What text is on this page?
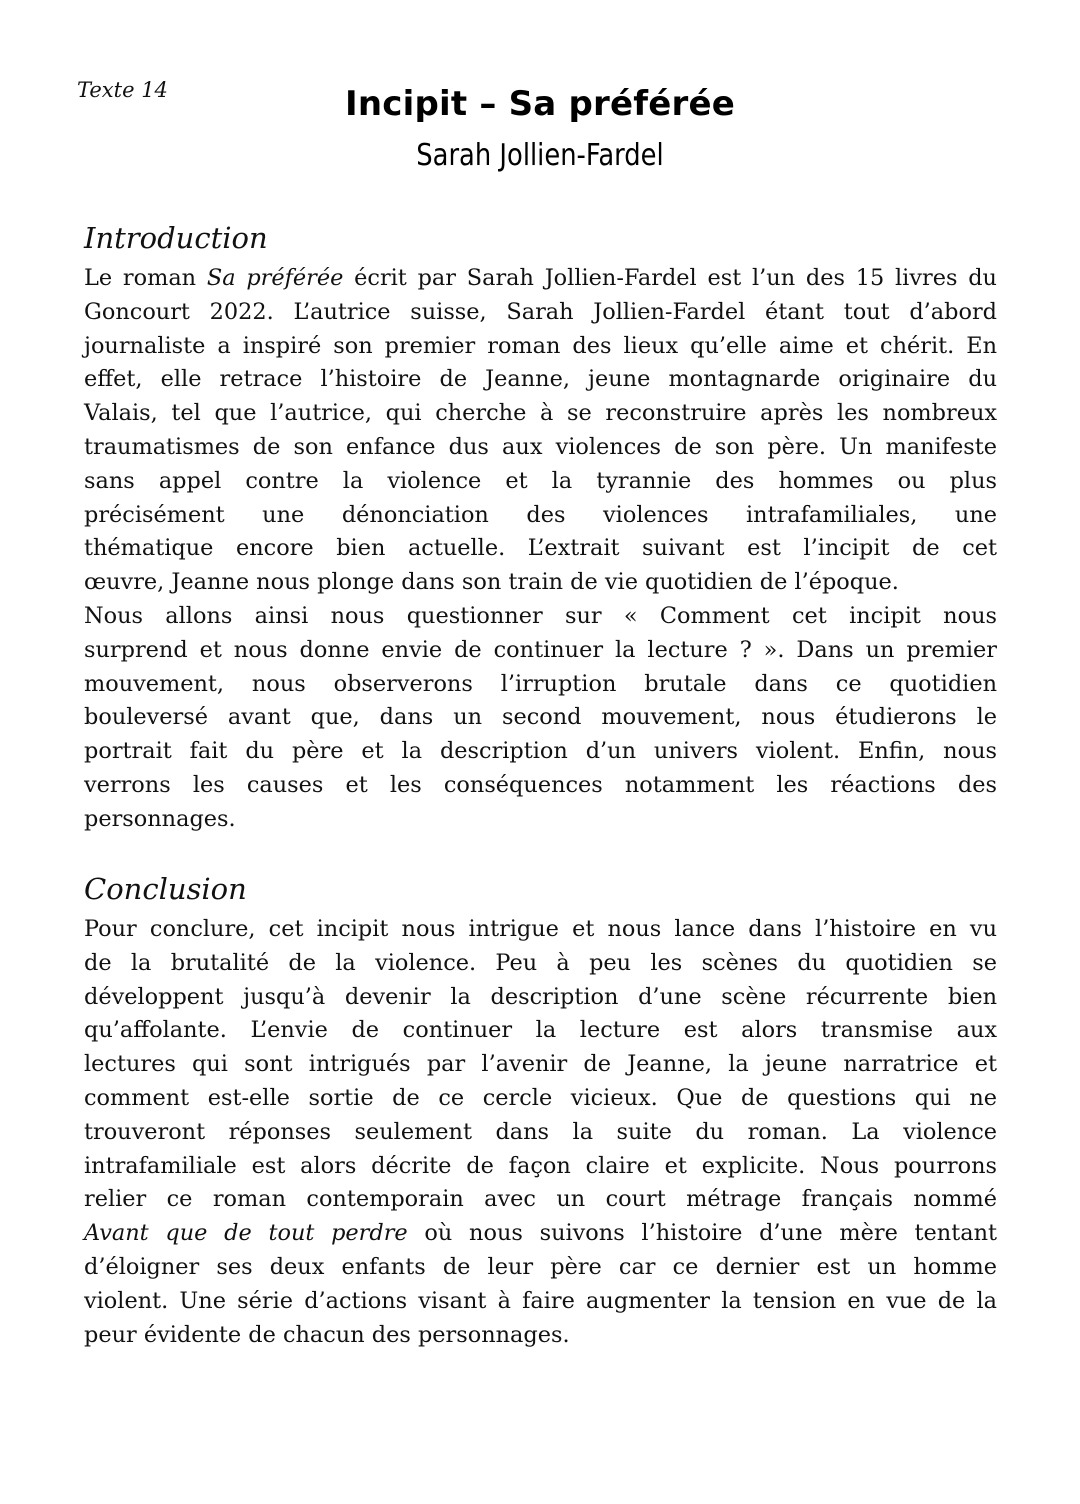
Texte 14	Incipit – Sa préférée
Sarah Jollien-Fardel
Introduction
Le roman Sa préférée écrit par Sarah Jollien-Fardel est l’un des 15 livres du
Goncourt 2022. L’autrice suisse, Sarah Jollien-Fardel étant tout d’abord
journaliste a inspiré son premier roman des lieux qu’elle aime et chérit. En
effet, elle retrace l’histoire de Jeanne, jeune montagnarde originaire du
Valais, tel que l’autrice, qui cherche à se reconstruire après les nombreux
traumatismes de son enfance dus aux violences de son père. Un manifeste
sans appel contre la violence et la tyrannie des hommes ou plus
précisément une dénonciation des violences intrafamiliales, une
thématique encore bien actuelle. L’extrait suivant est l’incipit de cet
œuvre, Jeanne nous plonge dans son train de vie quotidien de l’époque.
Nous allons ainsi nous questionner sur « Comment cet incipit nous
surprend et nous donne envie de continuer la lecture ? ». Dans un premier
mouvement, nous observerons l’irruption brutale dans ce quotidien
bouleversé avant que, dans un second mouvement, nous étudierons le
portrait fait du père et la description d’un univers violent. Enfin, nous
verrons les causes et les conséquences notamment les réactions des
personnages.
Conclusion
Pour conclure, cet incipit nous intrigue et nous lance dans l’histoire en vu
de la brutalité de la violence. Peu à peu les scènes du quotidien se
développent jusqu’à devenir la description d’une scène récurrente bien
qu’affolante. L’envie de continuer la lecture est alors transmise aux
lectures qui sont intrigués par l’avenir de Jeanne, la jeune narratrice et
comment est-elle sortie de ce cercle vicieux. Que de questions qui ne
trouveront réponses seulement dans la suite du roman. La violence
intrafamiliale est alors décrite de façon claire et explicite. Nous pourrons
relier ce roman contemporain avec un court métrage français nommé
Avant que de tout perdre où nous suivons l’histoire d’une mère tentant
d’éloigner ses deux enfants de leur père car ce dernier est un homme
violent. Une série d’actions visant à faire augmenter la tension en vue de la
peur évidente de chacun des personnages.
